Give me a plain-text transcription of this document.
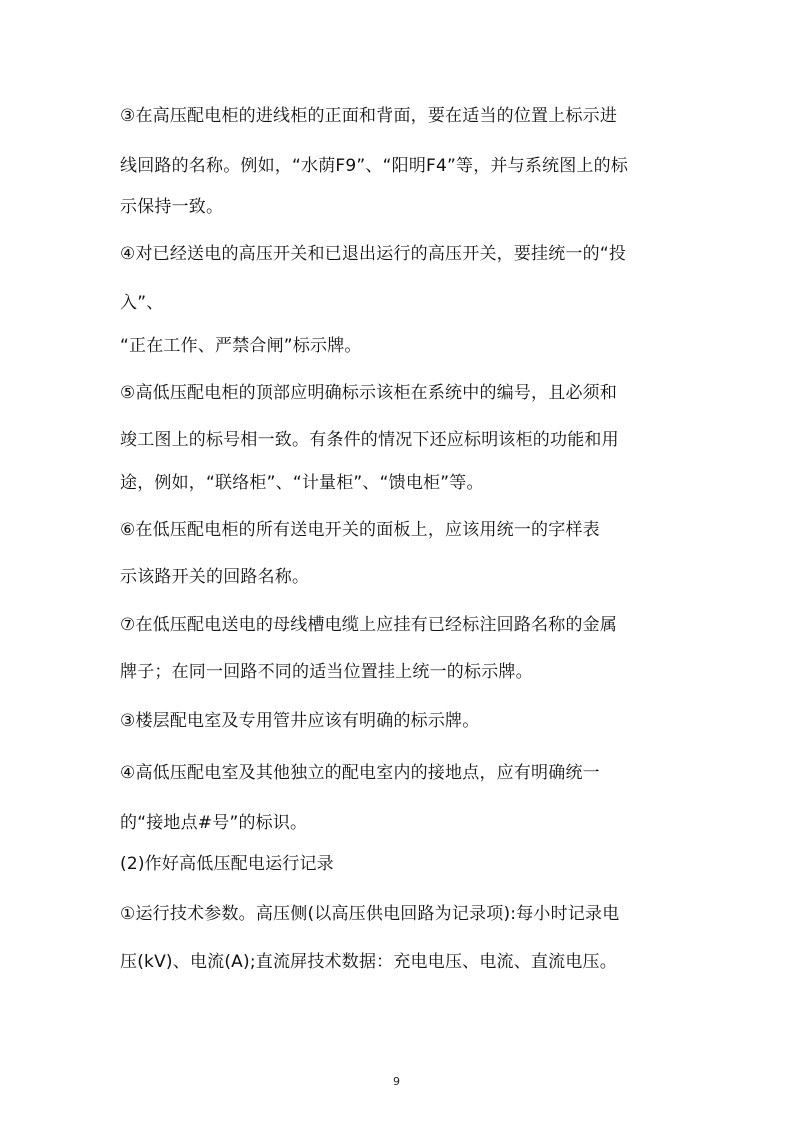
③在高压配电柜的进线柜的正面和背面，要在适当的位置上标示进
线回路的名称。例如，“水荫F9”、“阳明F4”等，并与系统图上的标
示保持一致。
④对已经送电的高压开关和已退出运行的高压开关，要挂统一的“投
入”、
“正在工作、严禁合闸”标示牌。
⑤高低压配电柜的顶部应明确标示该柜在系统中的编号，且必须和
竣工图上的标号相一致。有条件的情况下还应标明该柜的功能和用
途，例如，“联络柜”、“计量柜”、“馈电柜”等。
⑥在低压配电柜的所有送电开关的面板上，应该用统一的字样表
示该路开关的回路名称。
⑦在低压配电送电的母线槽电缆上应挂有已经标注回路名称的金属
牌子；在同一回路不同的适当位置挂上统一的标示牌。
③楼层配电室及专用管井应该有明确的标示牌。
④高低压配电室及其他独立的配电室内的接地点，应有明确统一
的“接地点#号”的标识。
(2)作好高低压配电运行记录
①运行技术参数。高压侧(以高压供电回路为记录项):每小时记录电
压(kV)、电流(A);直流屏技术数据：充电电压、电流、直流电压。
9
